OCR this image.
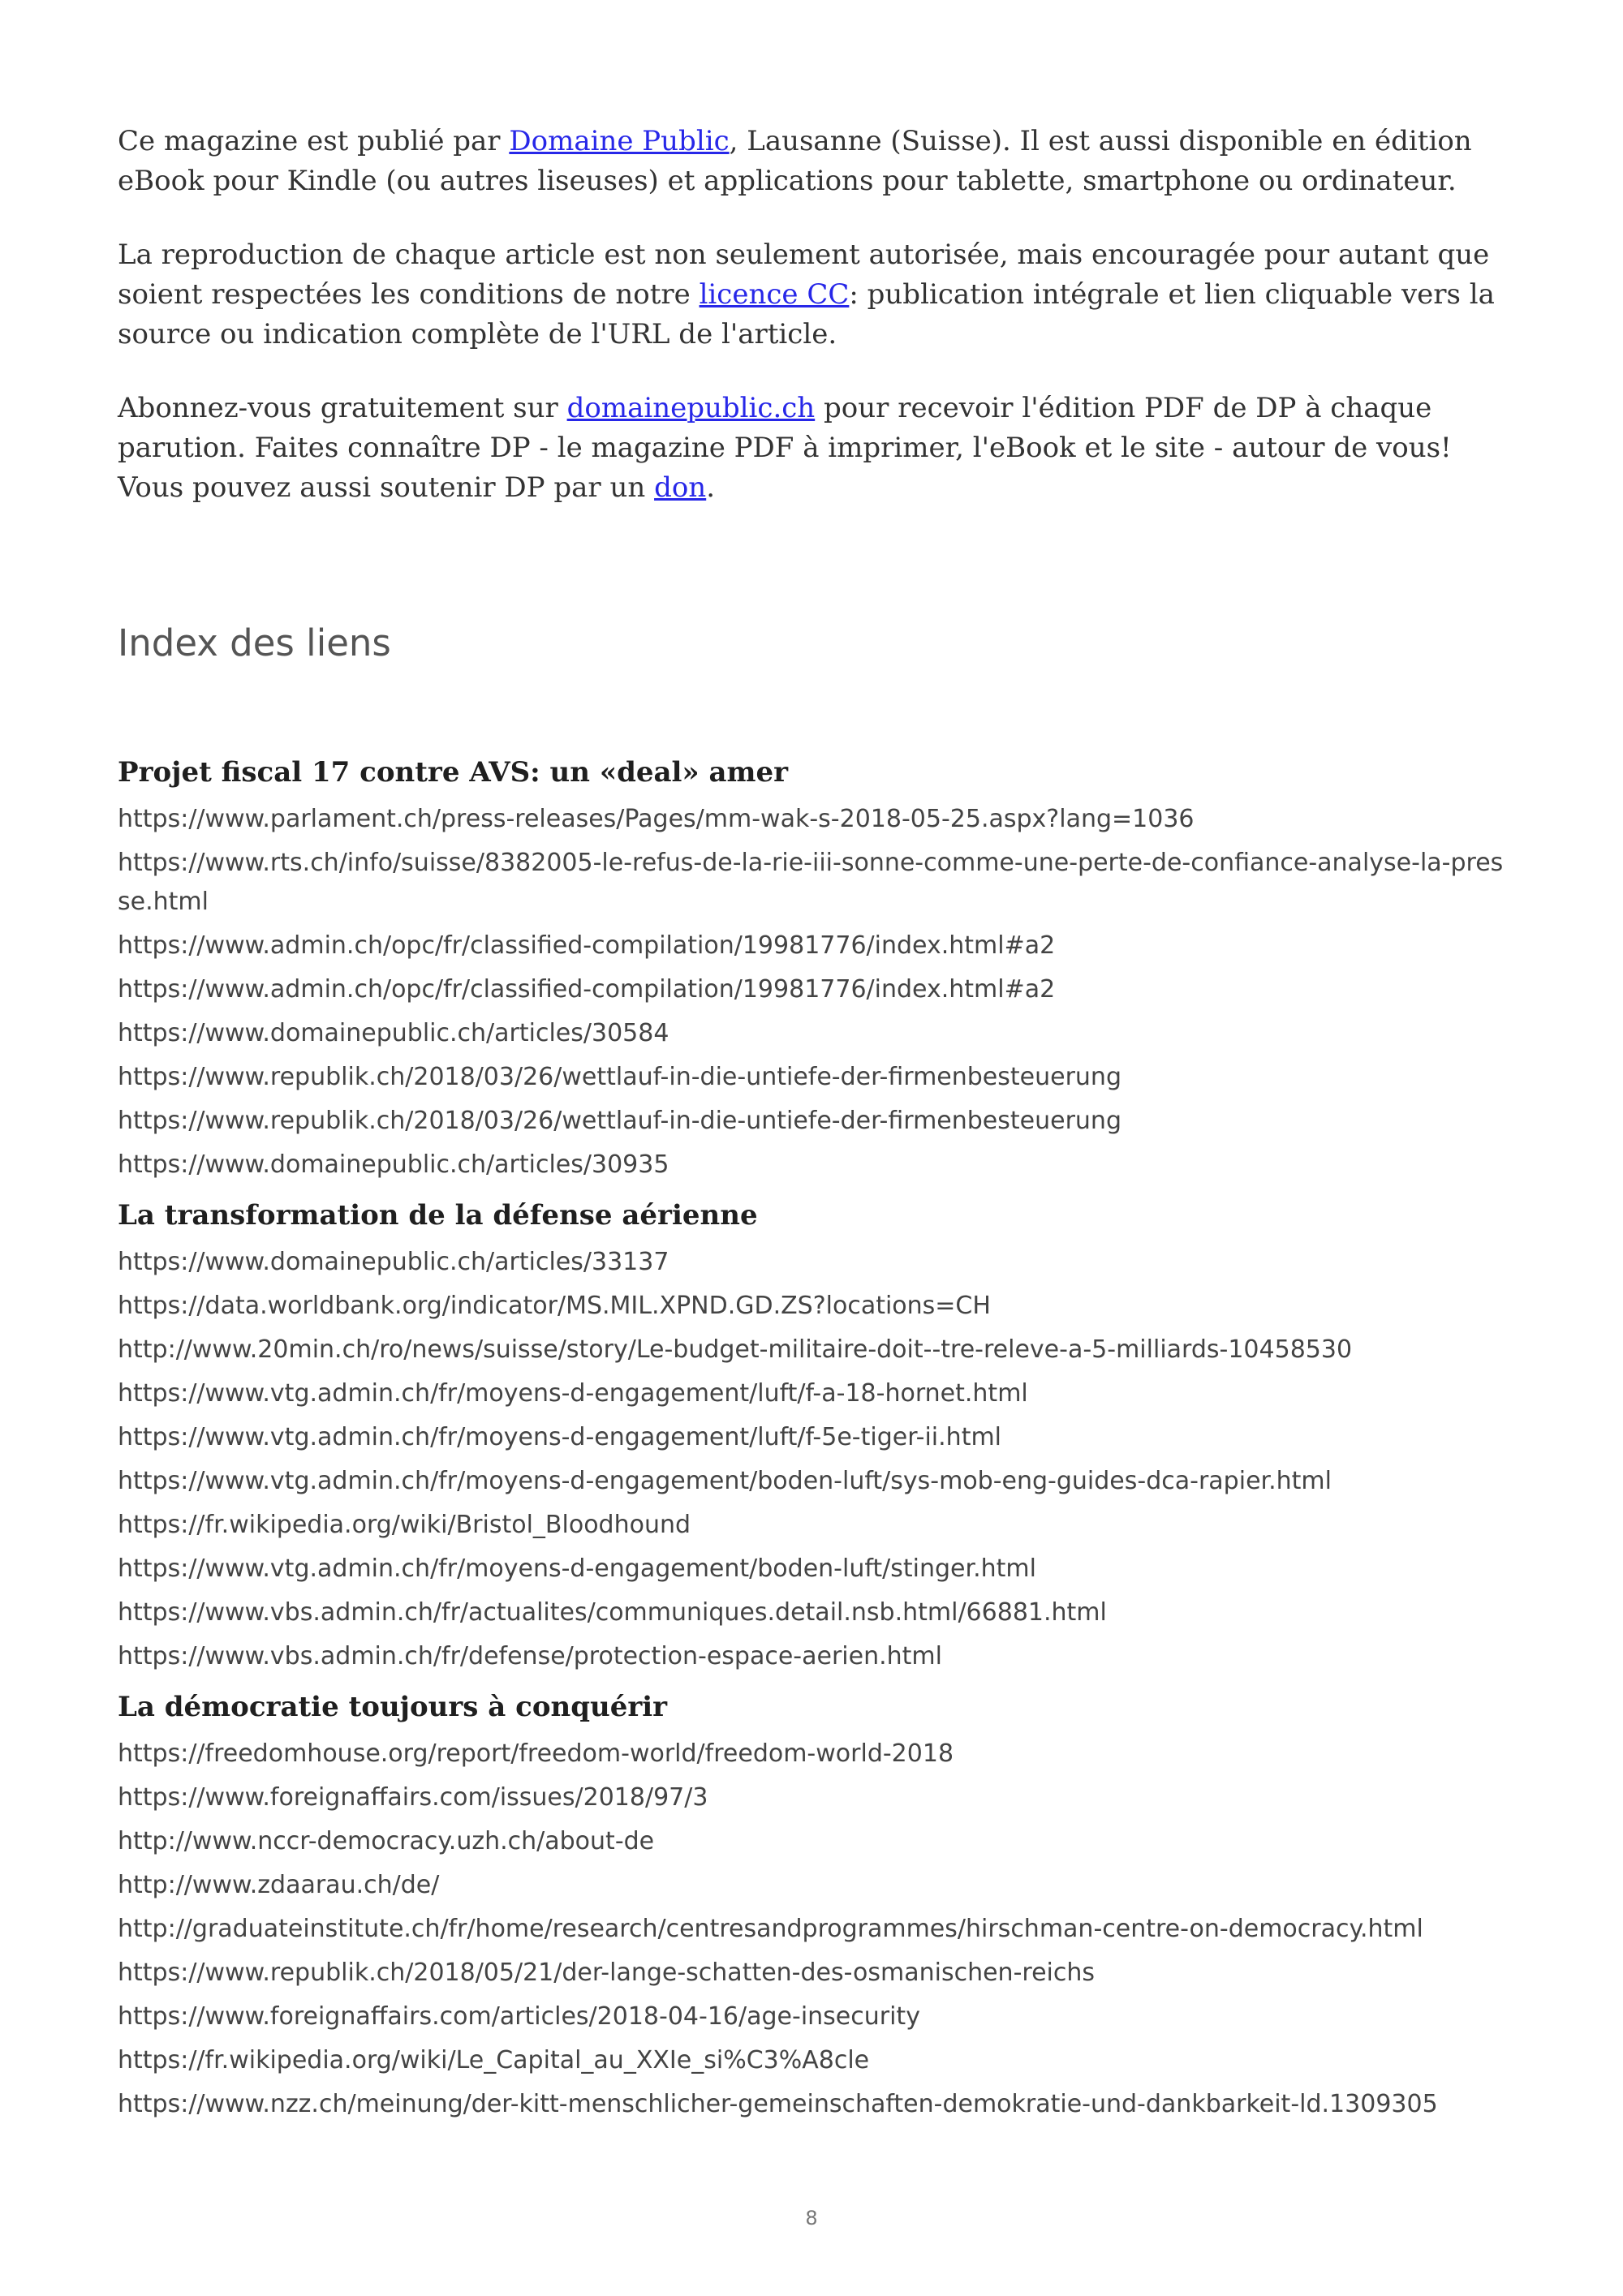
Ce magazine est publié par Domaine Public, Lausanne (Suisse). Il est aussi disponible en édition eBook pour Kindle (ou autres liseuses) et applications pour tablette, smartphone ou ordinateur.

La reproduction de chaque article est non seulement autorisée, mais encouragée pour autant que soient respectées les conditions de notre licence CC: publication intégrale et lien cliquable vers la source ou indication complète de l'URL de l'article.

Abonnez-vous gratuitement sur domainepublic.ch pour recevoir l'édition PDF de DP à chaque parution. Faites connaître DP - le magazine PDF à imprimer, l'eBook et le site - autour de vous! Vous pouvez aussi soutenir DP par un don.

Index des liens
Projet fiscal 17 contre AVS: un «deal» amer
https://www.parlament.ch/press-releases/Pages/mm-wak-s-2018-05-25.aspx?lang=1036
https://www.rts.ch/info/suisse/8382005-le-refus-de-la-rie-iii-sonne-comme-une-perte-de-confiance-analyse-la-presse.html
https://www.admin.ch/opc/fr/classified-compilation/19981776/index.html#a2
https://www.admin.ch/opc/fr/classified-compilation/19981776/index.html#a2
https://www.domainepublic.ch/articles/30584
https://www.republik.ch/2018/03/26/wettlauf-in-die-untiefe-der-firmenbesteuerung
https://www.republik.ch/2018/03/26/wettlauf-in-die-untiefe-der-firmenbesteuerung
https://www.domainepublic.ch/articles/30935
La transformation de la défense aérienne
https://www.domainepublic.ch/articles/33137
https://data.worldbank.org/indicator/MS.MIL.XPND.GD.ZS?locations=CH
http://www.20min.ch/ro/news/suisse/story/Le-budget-militaire-doit--tre-releve-a-5-milliards-10458530
https://www.vtg.admin.ch/fr/moyens-d-engagement/luft/f-a-18-hornet.html
https://www.vtg.admin.ch/fr/moyens-d-engagement/luft/f-5e-tiger-ii.html
https://www.vtg.admin.ch/fr/moyens-d-engagement/boden-luft/sys-mob-eng-guides-dca-rapier.html
https://fr.wikipedia.org/wiki/Bristol_Bloodhound
https://www.vtg.admin.ch/fr/moyens-d-engagement/boden-luft/stinger.html
https://www.vbs.admin.ch/fr/actualites/communiques.detail.nsb.html/66881.html
https://www.vbs.admin.ch/fr/defense/protection-espace-aerien.html
La démocratie toujours à conquérir
https://freedomhouse.org/report/freedom-world/freedom-world-2018
https://www.foreignaffairs.com/issues/2018/97/3
http://www.nccr-democracy.uzh.ch/about-de
http://www.zdaarau.ch/de/
http://graduateinstitute.ch/fr/home/research/centresandprogrammes/hirschman-centre-on-democracy.html
https://www.republik.ch/2018/05/21/der-lange-schatten-des-osmanischen-reichs
https://www.foreignaffairs.com/articles/2018-04-16/age-insecurity
https://fr.wikipedia.org/wiki/Le_Capital_au_XXIe_si%C3%A8cle
https://www.nzz.ch/meinung/der-kitt-menschlicher-gemeinschaften-demokratie-und-dankbarkeit-ld.1309305
8
